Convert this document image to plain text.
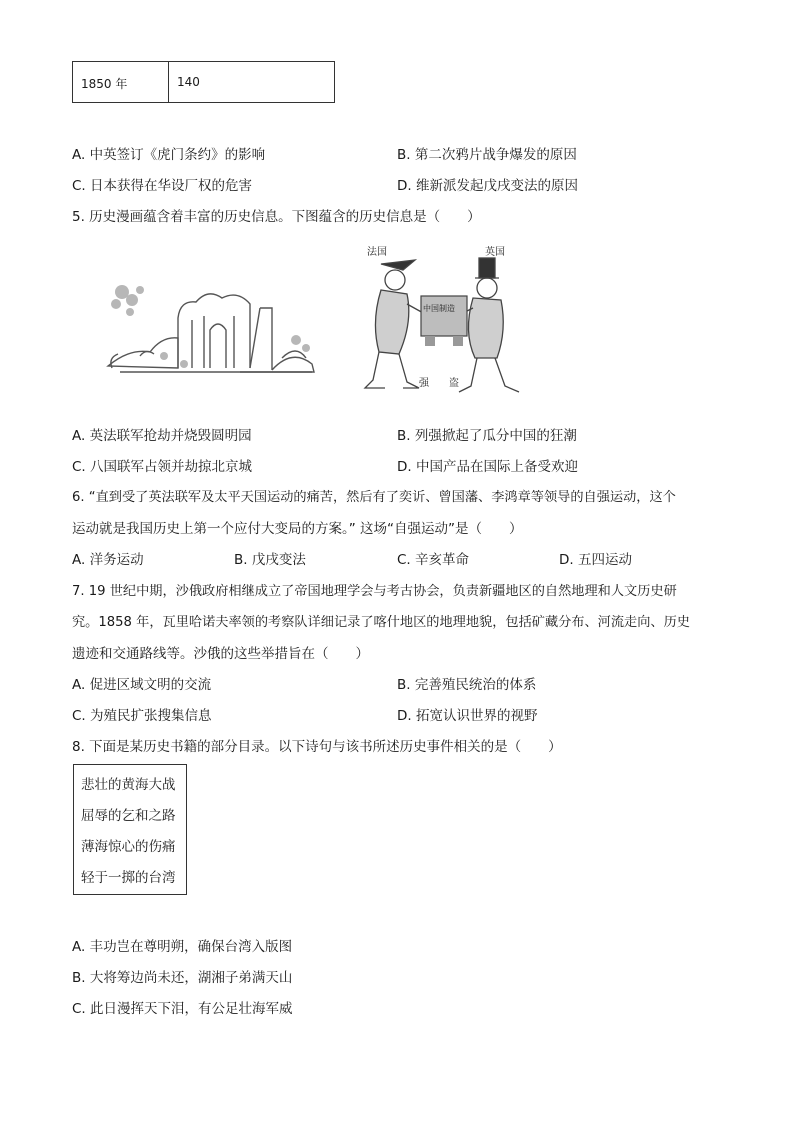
1850 年	140
A. 中英签订《虎门条约》的影响	B. 第二次鸦片战争爆发的原因
C. 日本获得在华设厂权的危害	D. 维新派发起戊戌变法的原因
5. 历史漫画蕴含着丰富的历史信息。下图蕴含的历史信息是（　　）
法国	英国
中国制造
强 盗
A. 英法联军抢劫并烧毁圆明园	B. 列强掀起了瓜分中国的狂潮
C. 八国联军占领并劫掠北京城	D. 中国产品在国际上备受欢迎
6. “直到受了英法联军及太平天国运动的痛苦，然后有了奕䜣、曾国藩、李鸿章等领导的自强运动，这个
运动就是我国历史上第一个应付大变局的方案。” 这场“自强运动”是（　　）
A. 洋务运动	B. 戊戌变法	C. 辛亥革命	D. 五四运动
7. 19 世纪中期，沙俄政府相继成立了帝国地理学会与考古协会，负责新疆地区的自然地理和人文历史研
究。1858 年，瓦里哈诺夫率领的考察队详细记录了喀什地区的地理地貌，包括矿藏分布、河流走向、历史
遗迹和交通路线等。沙俄的这些举措旨在（　　）
A. 促进区域文明的交流	B. 完善殖民统治的体系
C. 为殖民扩张搜集信息	D. 拓宽认识世界的视野
8. 下面是某历史书籍的部分目录。以下诗句与该书所述历史事件相关的是（　　）
悲壮的黄海大战
屈辱的乞和之路
薄海惊心的伤痛
轻于一掷的台湾
A. 丰功岂在尊明朔，确保台湾入版图
B. 大将筹边尚未还，湖湘子弟满天山
C. 此日漫挥天下泪，有公足壮海军威
